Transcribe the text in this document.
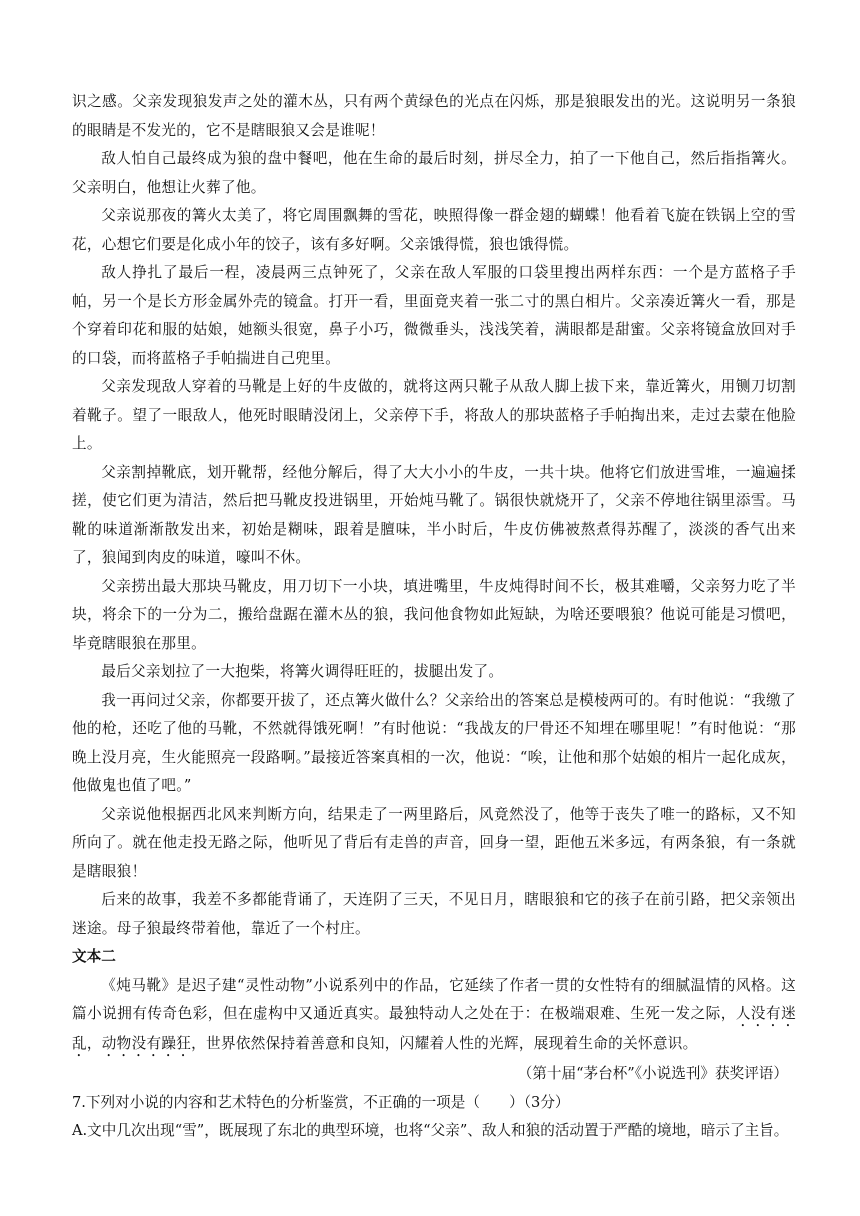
识之感。父亲发现狼发声之处的灌木丛，只有两个黄绿色的光点在闪烁，那是狼眼发出的光。这说明另一条狼的眼睛是不发光的，它不是瞎眼狼又会是谁呢！

敌人怕自己最终成为狼的盘中餐吧，他在生命的最后时刻，拼尽全力，拍了一下他自己，然后指指篝火。父亲明白，他想让火葬了他。

父亲说那夜的篝火太美了，将它周围飘舞的雪花，映照得像一群金翅的蝴蝶！他看着飞旋在铁锅上空的雪花，心想它们要是化成小年的饺子，该有多好啊。父亲饿得慌，狼也饿得慌。

敌人挣扎了最后一程，凌晨两三点钟死了，父亲在敌人军服的口袋里搜出两样东西：一个是方蓝格子手帕，另一个是长方形金属外壳的镜盒。打开一看，里面竟夹着一张二寸的黑白相片。父亲凑近篝火一看，那是个穿着印花和服的姑娘，她额头很宽，鼻子小巧，微微垂头，浅浅笑着，满眼都是甜蜜。父亲将镜盒放回对手的口袋，而将蓝格子手帕揣进自己兜里。

父亲发现敌人穿着的马靴是上好的牛皮做的，就将这两只靴子从敌人脚上拔下来，靠近篝火，用铡刀切割着靴子。望了一眼敌人，他死时眼睛没闭上，父亲停下手，将敌人的那块蓝格子手帕掏出来，走过去蒙在他脸上。

父亲割掉靴底，划开靴帮，经他分解后，得了大大小小的牛皮，一共十块。他将它们放进雪堆，一遍遍揉搓，使它们更为清洁，然后把马靴皮投进锅里，开始炖马靴了。锅很快就烧开了，父亲不停地往锅里添雪。马靴的味道渐渐散发出来，初始是糊味，跟着是膻味，半小时后，牛皮仿佛被熬煮得苏醒了，淡淡的香气出来了，狼闻到肉皮的味道，嚎叫不休。

父亲捞出最大那块马靴皮，用刀切下一小块，填进嘴里，牛皮炖得时间不长，极其难嚼，父亲努力吃了半块，将余下的一分为二，搬给盘踞在灌木丛的狼，我问他食物如此短缺，为啥还要喂狼？他说可能是习惯吧，毕竟瞎眼狼在那里。

最后父亲划拉了一大抱柴，将篝火调得旺旺的，拔腿出发了。

我一再问过父亲，你都要开拔了，还点篝火做什么？父亲给出的答案总是模棱两可的。有时他说：“我缴了他的枪，还吃了他的马靴，不然就得饿死啊！”有时他说：“我战友的尸骨还不知埋在哪里呢！”有时他说：“那晚上没月亮，生火能照亮一段路啊。”最接近答案真相的一次，他说：“唉，让他和那个姑娘的相片一起化成灰，他做鬼也值了吧。”

父亲说他根据西北风来判断方向，结果走了一两里路后，风竟然没了，他等于丧失了唯一的路标，又不知所向了。就在他走投无路之际，他听见了背后有走兽的声音，回身一望，距他五米多远，有两条狼，有一条就是瞎眼狼！

后来的故事，我差不多都能背诵了，天连阴了三天，不见日月，瞎眼狼和它的孩子在前引路，把父亲领出迷途。母子狼最终带着他，靠近了一个村庄。

文本二

《炖马靴》是迟子建“灵性动物”小说系列中的作品，它延续了作者一贯的女性特有的细腻温情的风格。这篇小说拥有传奇色彩，但在虚构中又通近真实。最独特动人之处在于：在极端艰难、生死一发之际，人没有迷乱，动物没有躁狂，世界依然保持着善意和良知，闪耀着人性的光辉，展现着生命的关怀意识。

（第十届“茅台杯”《小说选刊》获奖评语）

7.下列对小说的内容和艺术特色的分析鉴赏，不正确的一项是（　　）（3分）

A.文中几次出现“雪”，既展现了东北的典型环境，也将“父亲”、敌人和狼的活动置于严酷的境地，暗示了主旨。
